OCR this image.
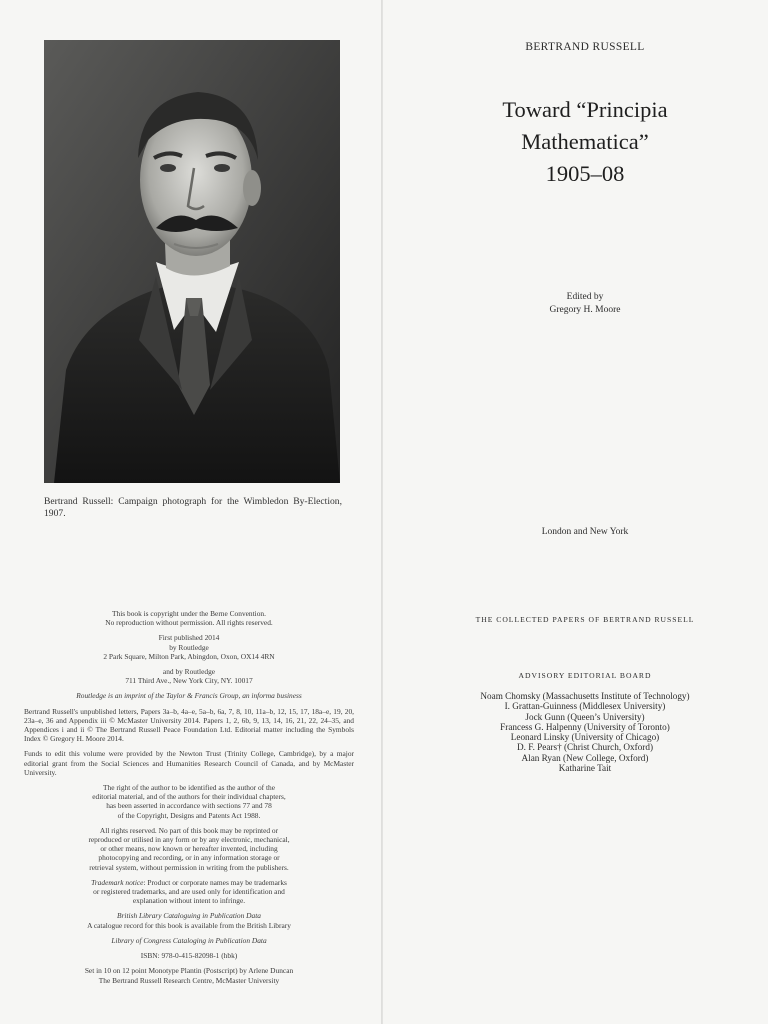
Bertrand Russell: Campaign photograph for the Wimbledon By-Election, 1907.

This book is copyright under the Berne Convention.
No reproduction without permission. All rights reserved.

First published 2014
by Routledge
2 Park Square, Milton Park, Abingdon, Oxon, OX14 4RN

and by Routledge
711 Third Ave., New York City, NY. 10017

Routledge is an imprint of the Taylor & Francis Group, an informa business

Bertrand Russell's unpublished letters, Papers 3a–b, 4a–e, 5a–b, 6a, 7, 8, 10, 11a–b, 12, 15, 17, 18a–e, 19, 20, 23a–e, 36 and Appendix iii © McMaster University 2014. Papers 1, 2, 6b, 9, 13, 14, 16, 21, 22, 24–35, and Appendices i and ii © The Bertrand Russell Peace Foundation Ltd. Editorial matter including the Symbols Index © Gregory H. Moore 2014.

Funds to edit this volume were provided by the Newton Trust (Trinity College, Cambridge), by a major editorial grant from the Social Sciences and Humanities Research Council of Canada, and by McMaster University.

The right of the author to be identified as the author of the
editorial material, and of the authors for their individual chapters,
has been asserted in accordance with sections 77 and 78
of the Copyright, Designs and Patents Act 1988.

All rights reserved. No part of this book may be reprinted or
reproduced or utilised in any form or by any electronic, mechanical,
or other means, now known or hereafter invented, including
photocopying and recording, or in any information storage or
retrieval system, without permission in writing from the publishers.

Trademark notice: Product or corporate names may be trademarks
or registered trademarks, and are used only for identification and
explanation without intent to infringe.

British Library Cataloguing in Publication Data
A catalogue record for this book is available from the British Library

Library of Congress Cataloging in Publication Data

ISBN: 978-0-415-82098-1 (hbk)

Set in 10 on 12 point Monotype Plantin (Postscript) by Arlene Duncan
The Bertrand Russell Research Centre, McMaster University

BERTRAND RUSSELL
Toward “Principia
Mathematica”
1905–08
Edited by
Gregory H. Moore
London and New York
THE COLLECTED PAPERS OF BERTRAND RUSSELL
ADVISORY EDITORIAL BOARD
Noam Chomsky (Massachusetts Institute of Technology)
I. Grattan-Guinness (Middlesex University)
Jock Gunn (Queen’s University)
Francess G. Halpenny (University of Toronto)
Leonard Linsky (University of Chicago)
D. F. Pears† (Christ Church, Oxford)
Alan Ryan (New College, Oxford)
Katharine Tait
